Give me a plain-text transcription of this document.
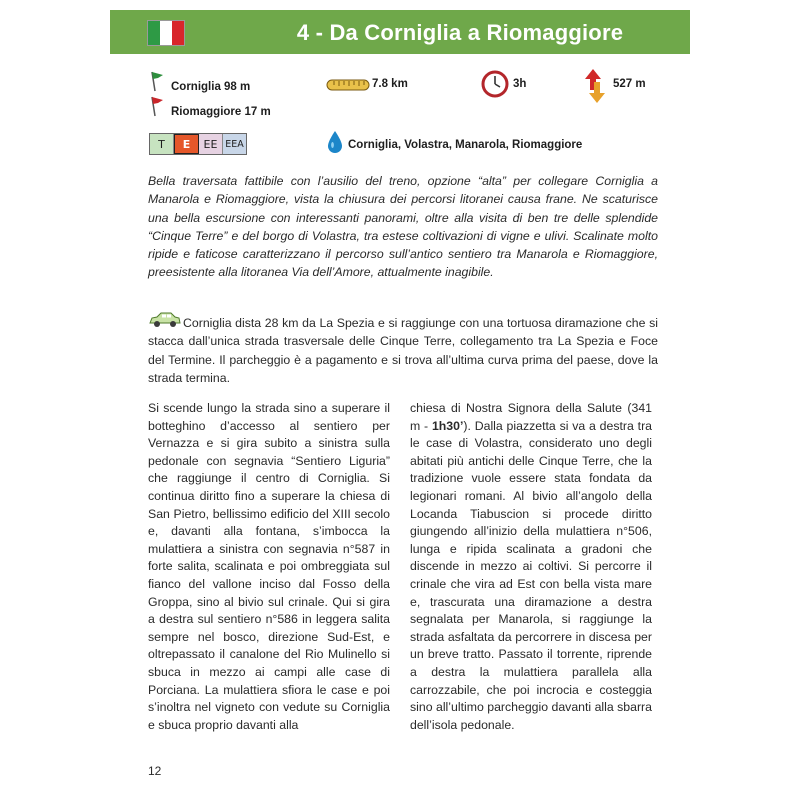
4 - Da Corniglia a Riomaggiore
Corniglia 98 m
Riomaggiore 17 m
7.8 km	3h	527 m
T	E	EE EEA	Corniglia, Volastra, Manarola, Riomaggiore
Bella traversata fattibile con l’ausilio del treno, opzione “alta” per collegare Corniglia a Manarola e Riomaggiore, vista la chiusura dei percorsi litoranei causa frane. Ne scaturisce una bella escursione con interessanti panorami, oltre alla visita di ben tre delle splendide “Cinque Terre” e del borgo di Volastra, tra estese coltivazioni di vigne e ulivi. Scalinate molto ripide e faticose caratterizzano il percorso sull’antico sentiero tra Manarola e Riomaggiore, preesistente alla litoranea Via dell’Amore, attualmente inagibile.
Corniglia dista 28 km da La Spezia e si raggiunge con una tortuosa diramazione che si stacca dall’unica strada trasversale delle Cinque Terre, collegamento tra La Spezia e Foce del Termine. Il parcheggio è a pagamento e si trova all’ultima curva prima del paese, dove la strada termina.
Si scende lungo la strada sino a superare il botteghino d’accesso al sentiero per Vernazza e si gira subito a sinistra sulla pedonale con segnavia “Sentiero Liguria” che raggiunge il centro di Corniglia. Si continua diritto fino a superare la chiesa di San Pietro, bellissimo edificio del XIII secolo e, davanti alla fontana, s’imbocca la mulattiera a sinistra con segnavia n°587 in forte salita, scalinata e poi ombreggiata sul fianco del vallone inciso dal Fosso della Groppa, sino al bivio sul crinale. Qui si gira a destra sul sentiero n°586 in leggera salita sempre nel bosco, direzione Sud-Est, e oltrepassato il canalone del Rio Mulinello si sbuca in mezzo ai campi alle case di Porciana. La mulattiera sfiora le case e poi s’inoltra nel vigneto con vedute su Corniglia e sbuca proprio davanti alla
chiesa di Nostra Signora della Salute (341 m - 1h30’). Dalla piazzetta si va a destra tra le case di Volastra, considerato uno degli abitati più antichi delle Cinque Terre, che la tradizione vuole essere stata fondata da legionari romani. Al bivio all’angolo della Locanda Tiabuscion si procede diritto giungendo all’inizio della mulattiera n°506, lunga e ripida scalinata a gradoni che discende in mezzo ai coltivi. Si percorre il crinale che vira ad Est con bella vista mare e, trascurata una diramazione a destra segnalata per Manarola, si raggiunge la strada asfaltata da percorrere in discesa per un breve tratto. Passato il torrente, riprende a destra la mulattiera parallela alla carrozzabile, che poi incrocia e costeggia sino all’ultimo parcheggio davanti alla sbarra dell’isola pedonale.
12
